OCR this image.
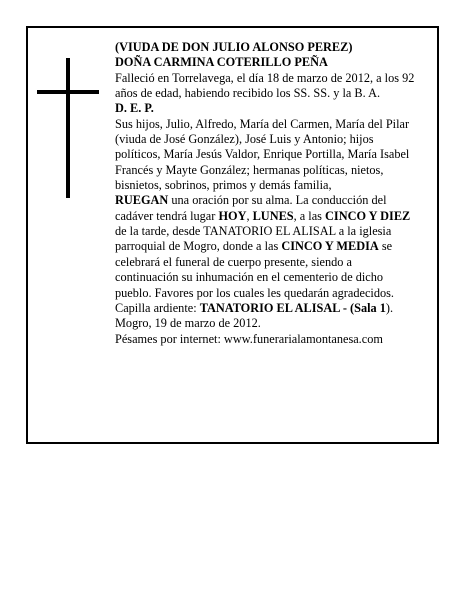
(VIUDA DE DON JULIO ALONSO PEREZ)

DOÑA CARMINA COTERILLO PEÑA

Falleció en Torrelavega, el día 18 de marzo de 2012, a los 92 años de edad, habiendo recibido los SS. SS. y la B. A.

D. E. P.

Sus hijos, Julio, Alfredo, María del Carmen, María del Pilar (viuda de José González), José Luis y Antonio; hijos políticos, María Jesús Valdor, Enrique Portilla, María Isabel Francés y Mayte González; hermanas políticas, nietos, bisnietos, sobrinos, primos y demás familia,

RUEGAN una oración por su alma. La conducción del cadáver tendrá lugar HOY, LUNES, a las CINCO Y DIEZ de la tarde, desde TANATORIO EL ALISAL a la iglesia parroquial de Mogro, donde a las CINCO Y MEDIA se celebrará el funeral de cuerpo presente, siendo a continuación su inhumación en el cementerio de dicho pueblo. Favores por los cuales les quedarán agradecidos. Capilla ardiente: TANATORIO EL ALISAL - (Sala 1).

Mogro, 19 de marzo de 2012.

Pésames por internet: www.funerarialamontanesa.com
